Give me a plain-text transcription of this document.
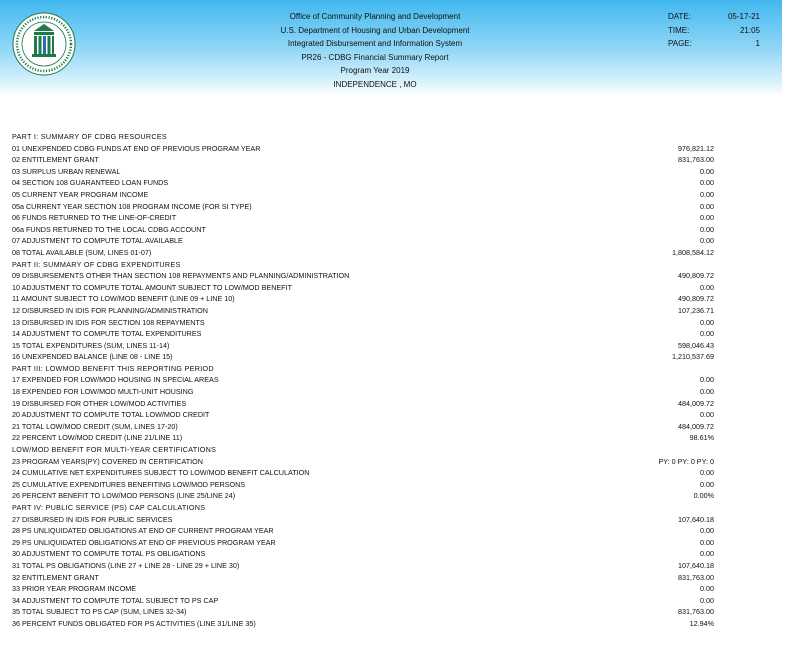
Office of Community Planning and Development
U.S. Department of Housing and Urban Development
Integrated Disbursement and Information System
PR26 - CDBG Financial Summary Report
Program Year 2019
INDEPENDENCE , MO
DATE:	05-17-21
TIME:	21:05
PAGE:	1
PART I: SUMMARY OF CDBG RESOURCES
01 UNEXPENDED CDBG FUNDS AT END OF PREVIOUS PROGRAM YEAR	976,821.12
02 ENTITLEMENT GRANT	831,763.00
03 SURPLUS URBAN RENEWAL	0.00
04 SECTION 108 GUARANTEED LOAN FUNDS	0.00
05 CURRENT YEAR PROGRAM INCOME	0.00
05a CURRENT YEAR SECTION 108 PROGRAM INCOME (FOR SI TYPE)	0.00
06 FUNDS RETURNED TO THE LINE-OF-CREDIT	0.00
06a FUNDS RETURNED TO THE LOCAL CDBG ACCOUNT	0.00
07 ADJUSTMENT TO COMPUTE TOTAL AVAILABLE	0.00
08 TOTAL AVAILABLE (SUM, LINES 01-07)	1,808,584.12
PART II: SUMMARY OF CDBG EXPENDITURES
09 DISBURSEMENTS OTHER THAN SECTION 108 REPAYMENTS AND PLANNING/ADMINISTRATION	490,809.72
10 ADJUSTMENT TO COMPUTE TOTAL AMOUNT SUBJECT TO LOW/MOD BENEFIT	0.00
11 AMOUNT SUBJECT TO LOW/MOD BENEFIT (LINE 09 + LINE 10)	490,809.72
12 DISBURSED IN IDIS FOR PLANNING/ADMINISTRATION	107,236.71
13 DISBURSED IN IDIS FOR SECTION 108 REPAYMENTS	0.00
14 ADJUSTMENT TO COMPUTE TOTAL EXPENDITURES	0.00
15 TOTAL EXPENDITURES (SUM, LINES 11-14)	598,046.43
16 UNEXPENDED BALANCE (LINE 08 - LINE 15)	1,210,537.69
PART III: LOWMOD BENEFIT THIS REPORTING PERIOD
17 EXPENDED FOR LOW/MOD HOUSING IN SPECIAL AREAS	0.00
18 EXPENDED FOR LOW/MOD MULTI-UNIT HOUSING	0.00
19 DISBURSED FOR OTHER LOW/MOD ACTIVITIES	484,009.72
20 ADJUSTMENT TO COMPUTE TOTAL LOW/MOD CREDIT	0.00
21 TOTAL LOW/MOD CREDIT (SUM, LINES 17-20)	484,009.72
22 PERCENT LOW/MOD CREDIT (LINE 21/LINE 11)	98.61%
LOW/MOD BENEFIT FOR MULTI-YEAR CERTIFICATIONS
23 PROGRAM YEARS(PY) COVERED IN CERTIFICATION	PY: 0 PY: 0 PY: 0
24 CUMULATIVE NET EXPENDITURES SUBJECT TO LOW/MOD BENEFIT CALCULATION	0.00
25 CUMULATIVE EXPENDITURES BENEFITING LOW/MOD PERSONS	0.00
26 PERCENT BENEFIT TO LOW/MOD PERSONS (LINE 25/LINE 24)	0.00%
PART IV: PUBLIC SERVICE (PS) CAP CALCULATIONS
27 DISBURSED IN IDIS FOR PUBLIC SERVICES	107,640.18
28 PS UNLIQUIDATED OBLIGATIONS AT END OF CURRENT PROGRAM YEAR	0.00
29 PS UNLIQUIDATED OBLIGATIONS AT END OF PREVIOUS PROGRAM YEAR	0.00
30 ADJUSTMENT TO COMPUTE TOTAL PS OBLIGATIONS	0.00
31 TOTAL PS OBLIGATIONS (LINE 27 + LINE 28 - LINE 29 + LINE 30)	107,640.18
32 ENTITLEMENT GRANT	831,763.00
33 PRIOR YEAR PROGRAM INCOME	0.00
34 ADJUSTMENT TO COMPUTE TOTAL SUBJECT TO PS CAP	0.00
35 TOTAL SUBJECT TO PS CAP (SUM, LINES 32-34)	831,763.00
36 PERCENT FUNDS OBLIGATED FOR PS ACTIVITIES (LINE 31/LINE 35)	12.94%
